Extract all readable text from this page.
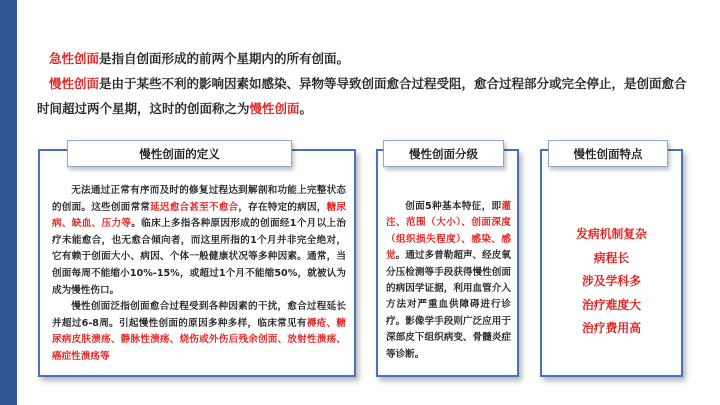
急性创面是指自创面形成的前两个星期内的所有创面。

慢性创面是由于某些不利的影响因素如感染、异物等导致创面愈合过程受阻，愈合过程部分或完全停止，是创面愈合时间超过两个星期，这时的创面称之为慢性创面。

慢性创面的定义

无法通过正常有序而及时的修复过程达到解剖和功能上完整状态的创面。这些创面常常延迟愈合甚至不愈合，存在特定的病因，糖尿病、缺血、压力等。临床上多指各种原因形成的创面经1个月以上治疗未能愈合，也无愈合倾向者，而这里所指的1个月并非完全绝对，它有赖于创面大小、病因、个体一般健康状况等多种因素。通常，当创面每周不能缩小10%-15%，或超过1个月不能缩50%，就被认为成为慢性伤口。

慢性创面泛指创面愈合过程受到各种因素的干扰，愈合过程延长并超过6-8周。引起慢性创面的原因多种多样，临床常见有褥疮、糖尿病皮肤溃疡、静脉性溃疡、烧伤或外伤后残余创面、放射性溃疡、癌症性溃疡等

慢性创面分级

创面5种基本特征，即灌注、范围（大小）、创面深度（组织损失程度）、感染、感觉。通过多普勒超声、经皮氧分压检测等手段获得慢性创面的病因学证据，利用血管介入方法对严重血供障碍进行诊疗。影像学手段则广泛应用于深部皮下组织病变、骨髓炎症等诊断。

慢性创面特点
发病机制复杂
病程长
涉及学科多
治疗难度大
治疗费用高
